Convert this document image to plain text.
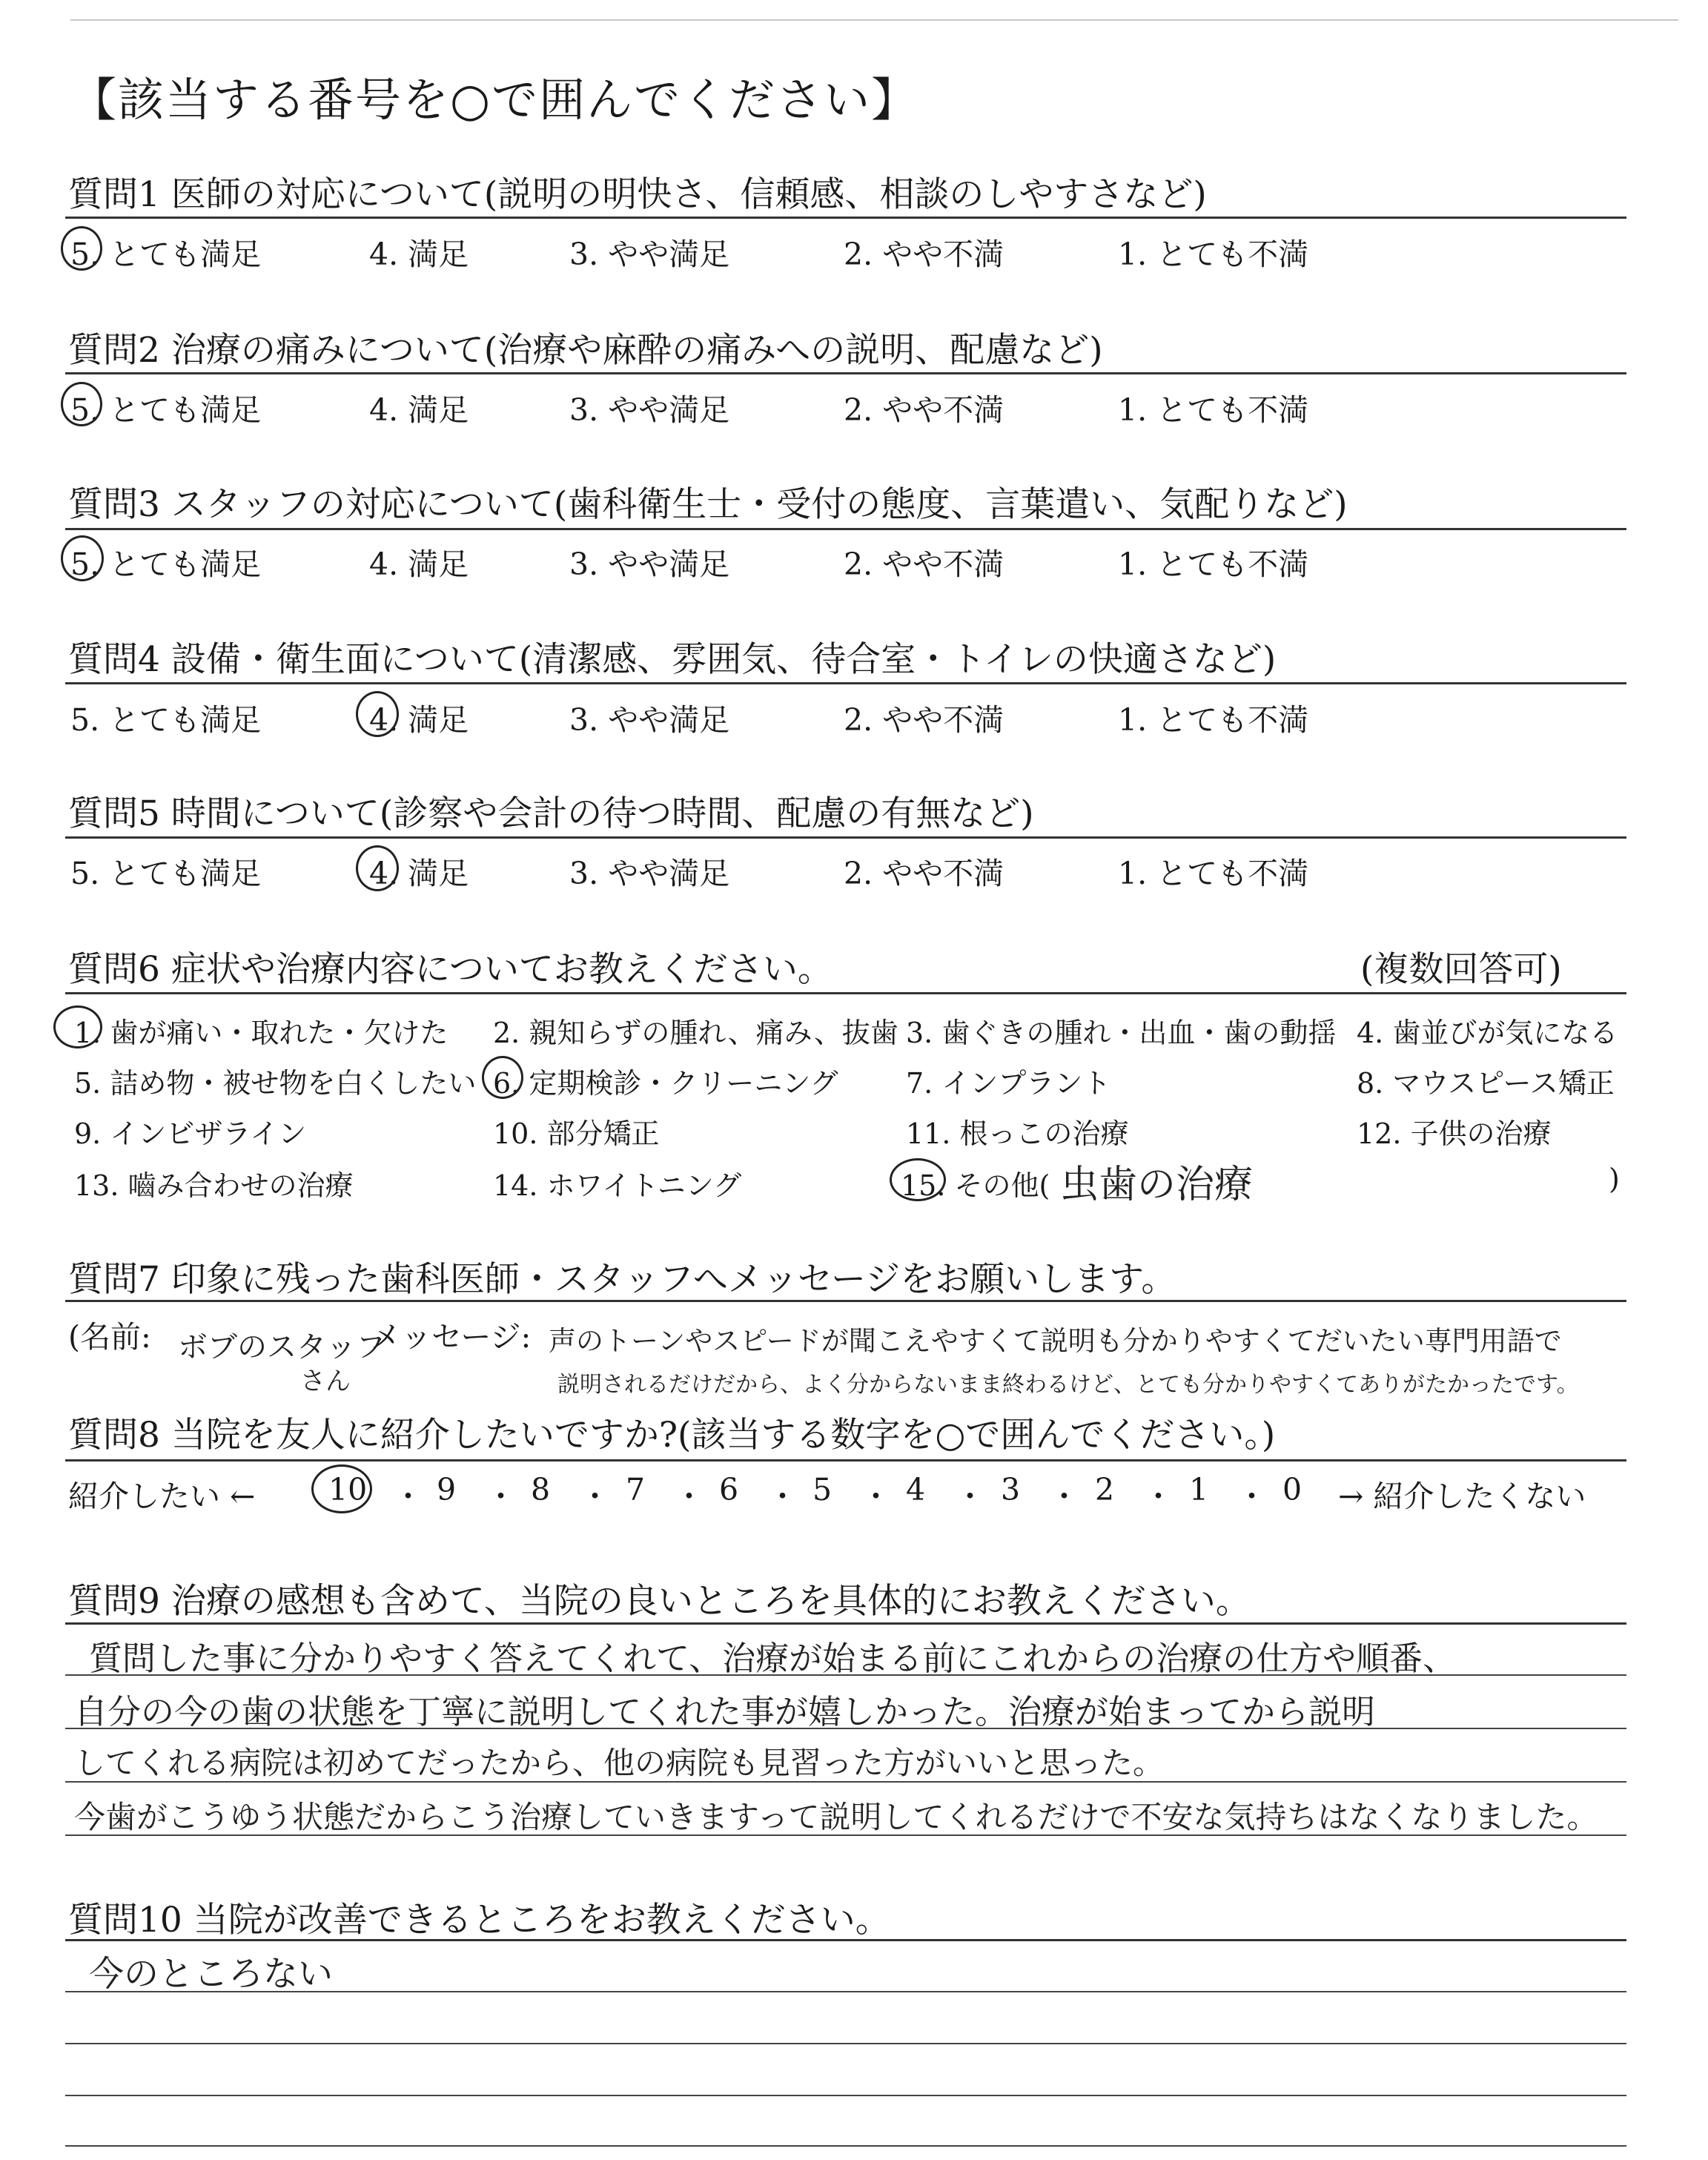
【該当する番号を○で囲んでください】
質問1 医師の対応について(説明の明快さ、信頼感、相談のしやすさなど)
5. とても満足	4. 満足	3. やや満足	2. やや不満	1. とても不満
質問2 治療の痛みについて(治療や麻酔の痛みへの説明、配慮など)
5. とても満足	4. 満足	3. やや満足	2. やや不満	1. とても不満
質問3 スタッフの対応について(歯科衛生士・受付の態度、言葉遣い、気配りなど)
5. とても満足	4. 満足	3. やや満足	2. やや不満	1. とても不満
質問4 設備・衛生面について(清潔感、雰囲気、待合室・トイレの快適さなど)
5. とても満足	4. 満足	3. やや満足	2. やや不満	1. とても不満
質問5 時間について(診察や会計の待つ時間、配慮の有無など)
5. とても満足	4. 満足	3. やや満足	2. やや不満	1. とても不満
質問6 症状や治療内容についてお教えください。	(複数回答可)
1. 歯が痛い・取れた・欠けた 2. 親知らずの腫れ、痛み、抜歯 3. 歯ぐきの腫れ・出血・歯の動揺 4. 歯並びが気になる
5. 詰め物・被せ物を白くしたい 6. 定期検診・クリーニング 7. インプラント	8. マウスピース矯正
9. インビザライン	10. 部分矯正	11. 根っこの治療	12. 子供の治療
13. 嚙み合わせの治療	14. ホワイトニング	15. その他( 虫歯の治療	)
質問7 印象に残った歯科医師・スタッフへメッセージをお願いします。
(名前: ボブのスタッフ
さん
メッセージ: 声のトーンやスピードが聞こえやすくて説明も分かりやすくてだいたい専門用語で
説明されるだけだから、よく分からないまま終わるけど、とても分かりやすくてありがたかったです。
質問8 当院を友人に紹介したいですか?(該当する数字を○で囲んでください。)
紹介したい ← 10 9 8 7 6 5 4 3 2 1 0
・ ・ ・ ・ ・ ・ ・ ・ ・ ・ → 紹介したくない
質問9 治療の感想も含めて、当院の良いところを具体的にお教えください。
質問した事に分かりやすく答えてくれて、治療が始まる前にこれからの治療の仕方や順番、
自分の今の歯の状態を丁寧に説明してくれた事が嬉しかった。治療が始まってから説明
してくれる病院は初めてだったから、他の病院も見習った方がいいと思った。
今歯がこうゆう状態だからこう治療していきますって説明してくれるだけで不安な気持ちはなくなりました。
質問10 当院が改善できるところをお教えください。
今のところない
